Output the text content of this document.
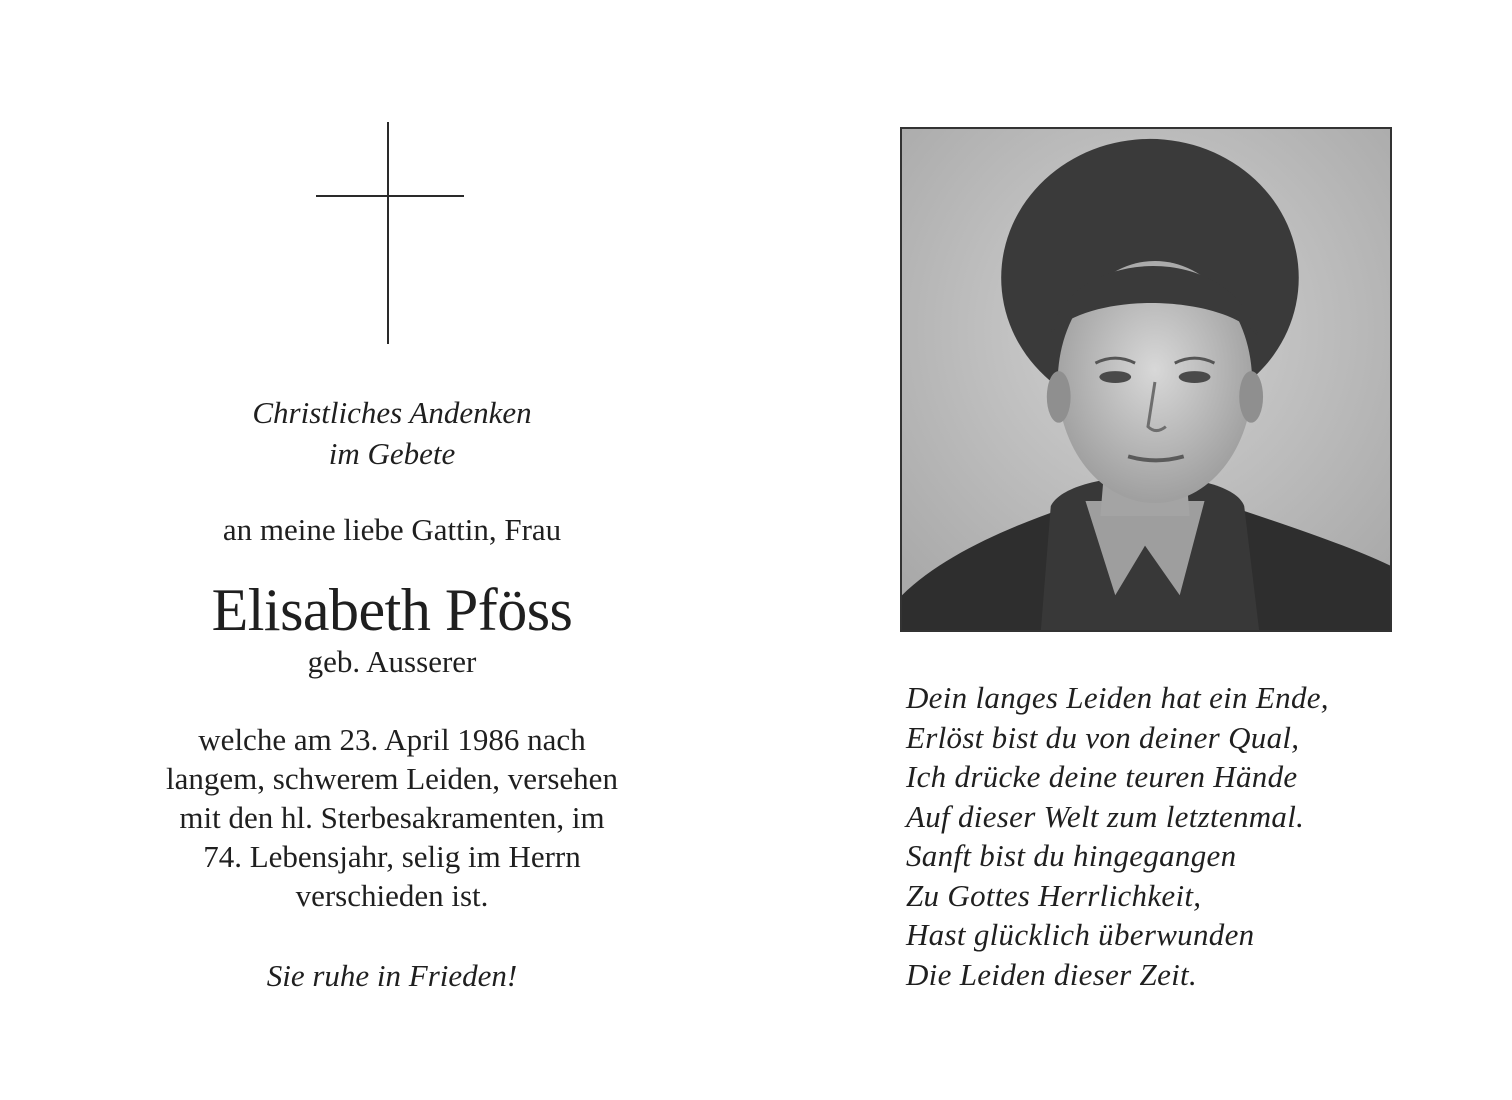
Christliches Andenken
im Gebete
an meine liebe Gattin, Frau
Elisabeth Pföss
geb. Ausserer
welche am 23. April 1986 nach
langem, schwerem Leiden, versehen
mit den hl. Sterbesakramenten, im
74. Lebensjahr, selig im Herrn
verschieden ist.
Sie ruhe in Frieden!
Dein langes Leiden hat ein Ende,
Erlöst bist du von deiner Qual,
Ich drücke deine teuren Hände
Auf dieser Welt zum letztenmal.
Sanft bist du hingegangen
Zu Gottes Herrlichkeit,
Hast glücklich überwunden
Die Leiden dieser Zeit.
